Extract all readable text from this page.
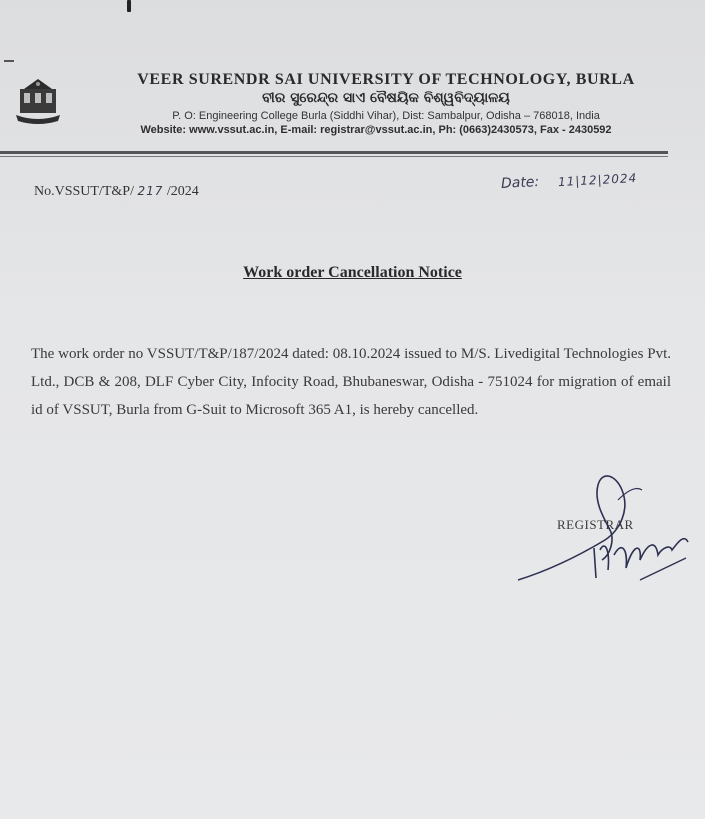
VEER SURENDR SAI UNIVERSITY OF TECHNOLOGY, BURLA
ବୀର ସୁରେନ୍ଦ୍ର ସାଏ ବୈଷୟିକ ବିଶ୍ୱବିଦ୍ୟାଳୟ
P. O: Engineering College Burla (Siddhi Vihar), Dist: Sambalpur, Odisha – 768018, India
Website: www.vssut.ac.in, E-mail: registrar@vssut.ac.in, Ph: (0663)2430573, Fax - 2430592
No.VSSUT/T&P/ 217 /2024	Date: 11|12|2024
Work order Cancellation Notice
The work order no VSSUT/T&P/187/2024 dated: 08.10.2024 issued to M/S. Livedigital Technologies Pvt. Ltd., DCB & 208, DLF Cyber City, Infocity Road, Bhubaneswar, Odisha - 751024 for migration of email id of VSSUT, Burla from G-Suit to Microsoft 365 A1, is hereby cancelled.
REGISTRAR
